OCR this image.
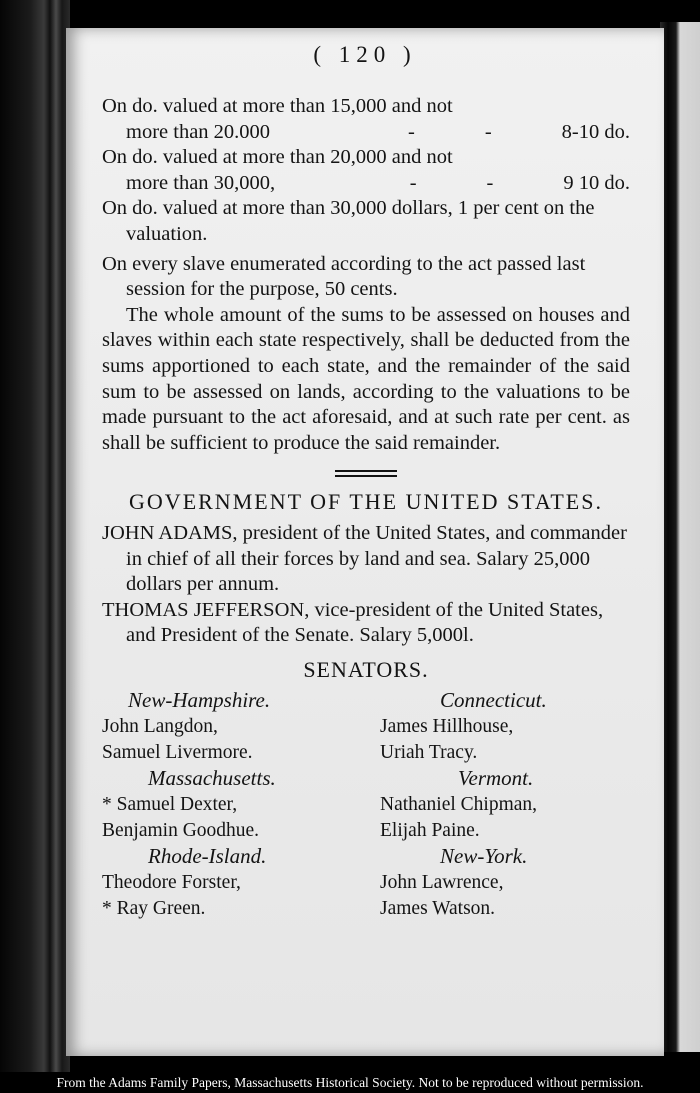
( 120 )

On do. valued at more than 15,000 and not

more than 20.000	-	-	8-10 do.

On do. valued at more than 20,000 and not

more than 30,000,	-	-	9 10 do.

On do. valued at more than 30,000 dollars, 1 per cent on the valuation.

On every slave enumerated according to the act passed last session for the purpose, 50 cents.

The whole amount of the sums to be assessed on houses and slaves within each state respectively, shall be deducted from the sums apportioned to each state, and the remainder of the said sum to be assessed on lands, according to the valuations to be made pursuant to the act aforesaid, and at such rate per cent. as shall be sufficient to produce the said remainder.

GOVERNMENT OF THE UNITED STATES.

JOHN ADAMS, president of the United States, and commander in chief of all their forces by land and sea. Salary 25,000 dollars per annum.

THOMAS JEFFERSON, vice-president of the United States, and President of the Senate. Salary 5,000l.

SENATORS.
New-Hampshire.	Connecticut.
John Langdon,	James Hillhouse,
Samuel Livermore.	Uriah Tracy.
Massachusetts.	Vermont.
* Samuel Dexter,	Nathaniel Chipman,
Benjamin Goodhue.	Elijah Paine.
Rhode-Island.	New-York.
Theodore Forster,	John Lawrence,
* Ray Green.	James Watson.
From the Adams Family Papers, Massachusetts Historical Society. Not to be reproduced without permission.
